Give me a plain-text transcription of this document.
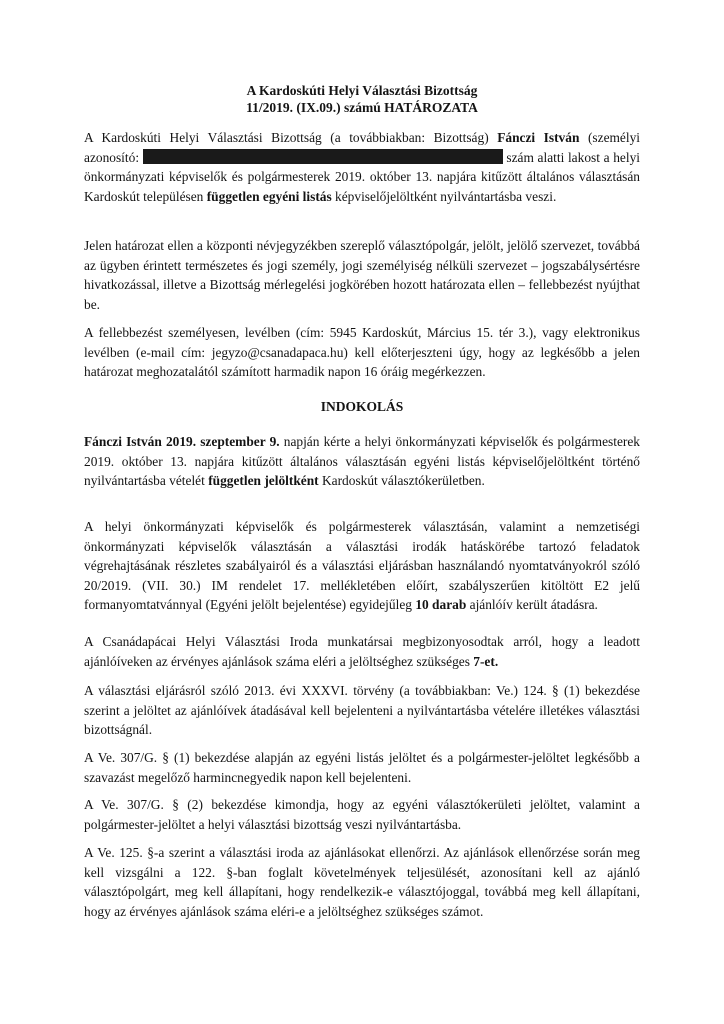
A Kardoskúti Helyi Választási Bizottság
11/2019. (IX.09.) számú HATÁROZATA

A Kardoskúti Helyi Választási Bizottság (a továbbiakban: Bizottság) Fánczi István (személyi azonosító:	szám alatti lakost a helyi önkormányzati képviselők és polgármesterek 2019. október 13. napjára kitűzött általános választásán Kardoskút településen független egyéni listás képviselőjelöltként nyilvántartásba veszi.

Jelen határozat ellen a központi névjegyzékben szereplő választópolgár, jelölt, jelölő szervezet, továbbá az ügyben érintett természetes és jogi személy, jogi személyiség nélküli szervezet – jogszabálysértésre hivatkozással, illetve a Bizottság mérlegelési jogkörében hozott határozata ellen – fellebbezést nyújthat be.

A fellebbezést személyesen, levélben (cím: 5945 Kardoskút, Március 15. tér 3.), vagy elektronikus levélben (e-mail cím: jegyzo@csanadapaca.hu) kell előterjeszteni úgy, hogy az legkésőbb a jelen határozat meghozatalától számított harmadik napon 16 óráig megérkezzen.

INDOKOLÁS

Fánczi István 2019. szeptember 9. napján kérte a helyi önkormányzati képviselők és polgármesterek 2019. október 13. napjára kitűzött általános választásán egyéni listás képviselőjelöltként történő nyilvántartásba vételét független jelöltként Kardoskút választókerületben.

A helyi önkormányzati képviselők és polgármesterek választásán, valamint a nemzetiségi önkormányzati képviselők választásán a választási irodák hatáskörébe tartozó feladatok végrehajtásának részletes szabályairól és a választási eljárásban használandó nyomtatványokról szóló 20/2019. (VII. 30.) IM rendelet 17. mellékletében előírt, szabályszerűen kitöltött E2 jelű formanyomtatvánnyal (Egyéni jelölt bejelentése) egyidejűleg 10 darab ajánlóív került átadásra.

A Csanádapácai Helyi Választási Iroda munkatársai megbizonyosodtak arról, hogy a leadott ajánlóíveken az érvényes ajánlások száma eléri a jelöltséghez szükséges 7-et.

A választási eljárásról szóló 2013. évi XXXVI. törvény (a továbbiakban: Ve.) 124. § (1) bekezdése szerint a jelöltet az ajánlóívek átadásával kell bejelenteni a nyilvántartásba vételére illetékes választási bizottságnál.

A Ve. 307/G. § (1) bekezdése alapján az egyéni listás jelöltet és a polgármester-jelöltet legkésőbb a szavazást megelőző harmincnegyedik napon kell bejelenteni.

A Ve. 307/G. § (2) bekezdése kimondja, hogy az egyéni választókerületi jelöltet, valamint a polgármester-jelöltet a helyi választási bizottság veszi nyilvántartásba.

A Ve. 125. §-a szerint a választási iroda az ajánlásokat ellenőrzi. Az ajánlások ellenőrzése során meg kell vizsgálni a 122. §-ban foglalt követelmények teljesülését, azonosítani kell az ajánló választópolgárt, meg kell állapítani, hogy rendelkezik-e választójoggal, továbbá meg kell állapítani, hogy az érvényes ajánlások száma eléri-e a jelöltséghez szükséges számot.
